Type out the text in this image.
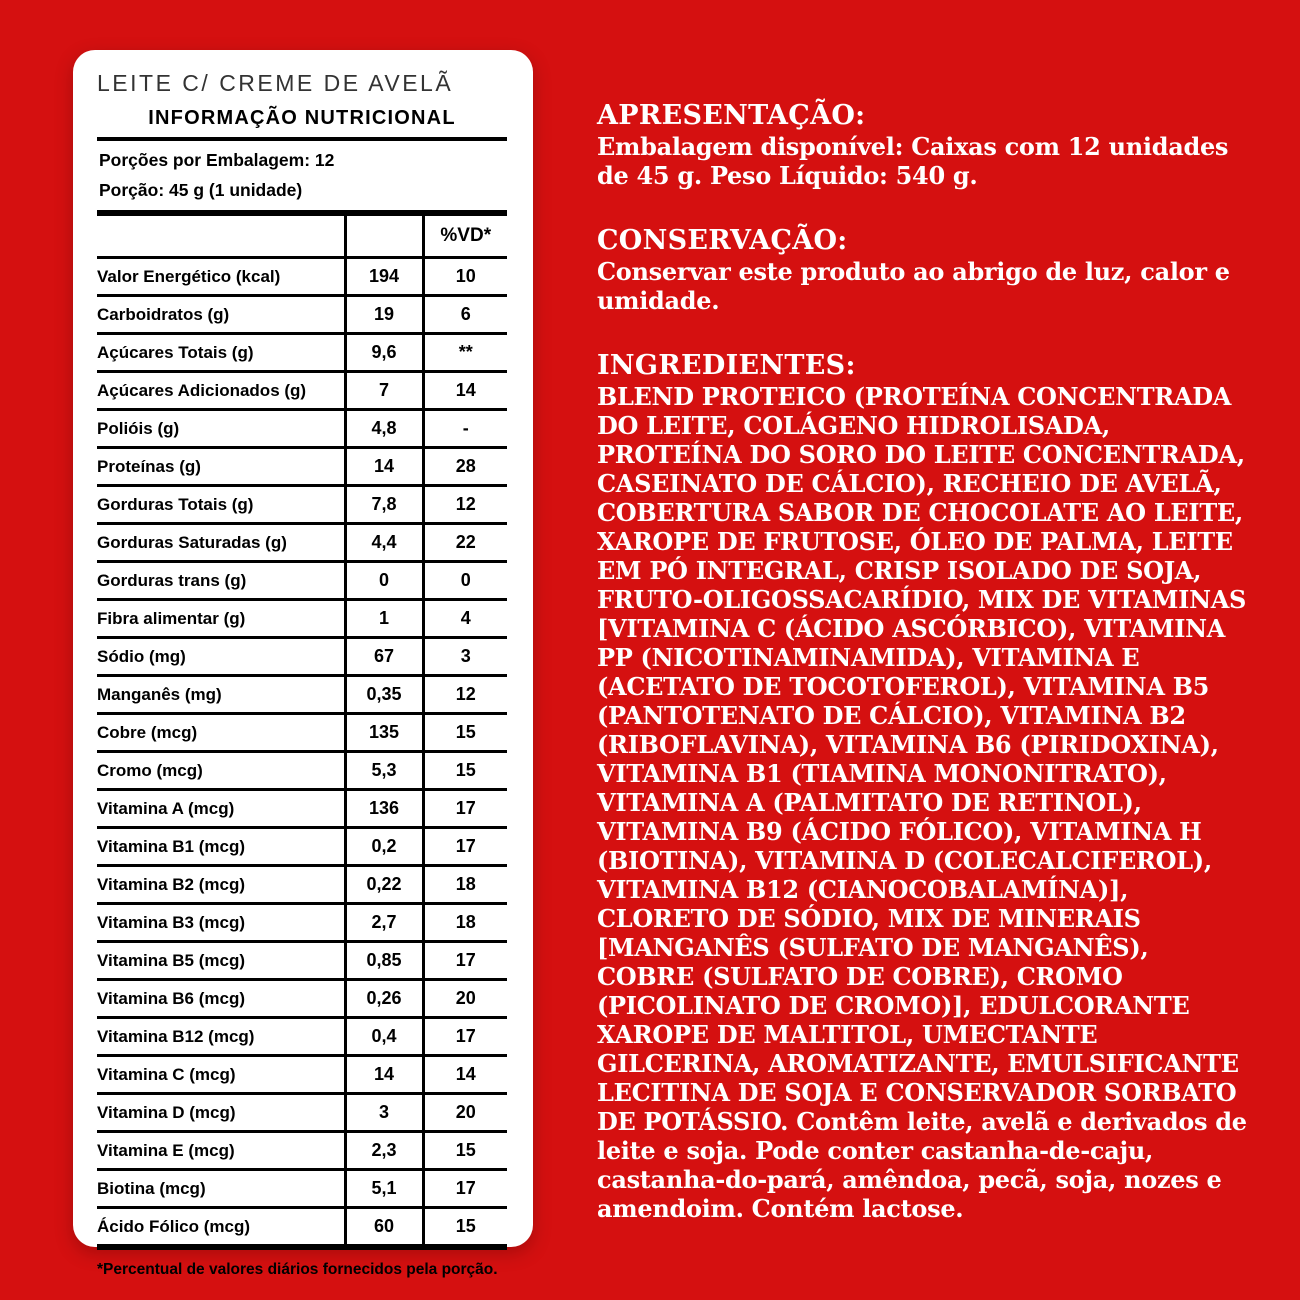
LEITE C/ CREME DE AVELÃ
INFORMAÇÃO NUTRICIONAL
Porções por Embalagem: 12
Porção: 45 g (1 unidade)
		%VD*
Valor Energético (kcal)	194	10
Carboidratos (g)	19	6
Açúcares Totais (g)	9,6	**
Açúcares Adicionados (g)	7	14
Polióis (g)	4,8	-
Proteínas (g)	14	28
Gorduras Totais (g)	7,8	12
Gorduras Saturadas (g)	4,4	22
Gorduras trans (g)	0	0
Fibra alimentar (g)	1	4
Sódio (mg)	67	3
Manganês (mg)	0,35	12
Cobre (mcg)	135	15
Cromo (mcg)	5,3	15
Vitamina A (mcg)	136	17
Vitamina B1 (mcg)	0,2	17
Vitamina B2 (mcg)	0,22	18
Vitamina B3 (mcg)	2,7	18
Vitamina B5 (mcg)	0,85	17
Vitamina B6 (mcg)	0,26	20
Vitamina B12 (mcg)	0,4	17
Vitamina C (mcg)	14	14
Vitamina D (mcg)	3	20
Vitamina E (mcg)	2,3	15
Biotina (mcg)	5,1	17
Ácido Fólico (mcg)	60	15
*Percentual de valores diários fornecidos pela porção.
APRESENTAÇÃO:

Embalagem disponível: Caixas com 12 unidades de 45 g. Peso Líquido: 540 g.

CONSERVAÇÃO:

Conservar este produto ao abrigo de luz, calor e umidade.

INGREDIENTES:

BLEND PROTEICO (PROTEÍNA CONCENTRADA DO LEITE, COLÁGENO HIDROLISADA, PROTEÍNA DO SORO DO LEITE CONCENTRADA, CASEINATO DE CÁLCIO), RECHEIO DE AVELÃ, COBERTURA SABOR DE CHOCOLATE AO LEITE, XAROPE DE FRUTOSE, ÓLEO DE PALMA, LEITE EM PÓ INTEGRAL, CRISP ISOLADO DE SOJA, FRUTO-OLIGOSSACARÍDIO, MIX DE VITAMINAS [VITAMINA C (ÁCIDO ASCÓRBICO), VITAMINA PP (NICOTINAMINAMIDA), VITAMINA E (ACETATO DE TOCOTOFEROL), VITAMINA B5 (PANTOTENATO DE CÁLCIO), VITAMINA B2 (RIBOFLAVINA), VITAMINA B6 (PIRIDOXINA), VITAMINA B1 (TIAMINA MONONITRATO), VITAMINA A (PALMITATO DE RETINOL), VITAMINA B9 (ÁCIDO FÓLICO), VITAMINA H (BIOTINA), VITAMINA D (COLECALCIFEROL), VITAMINA B12 (CIANOCOBALAMÍNA)], CLORETO DE SÓDIO, MIX DE MINERAIS [MANGANÊS (SULFATO DE MANGANÊS), COBRE (SULFATO DE COBRE), CROMO (PICOLINATO DE CROMO)], EDULCORANTE XAROPE DE MALTITOL, UMECTANTE GILCERINA, AROMATIZANTE, EMULSIFICANTE LECITINA DE SOJA E CONSERVADOR SORBATO DE POTÁSSIO. Contêm leite, avelã e derivados de leite e soja. Pode conter castanha-de-caju, castanha-do-pará, amêndoa, pecã, soja, nozes e amendoim. Contém lactose.
